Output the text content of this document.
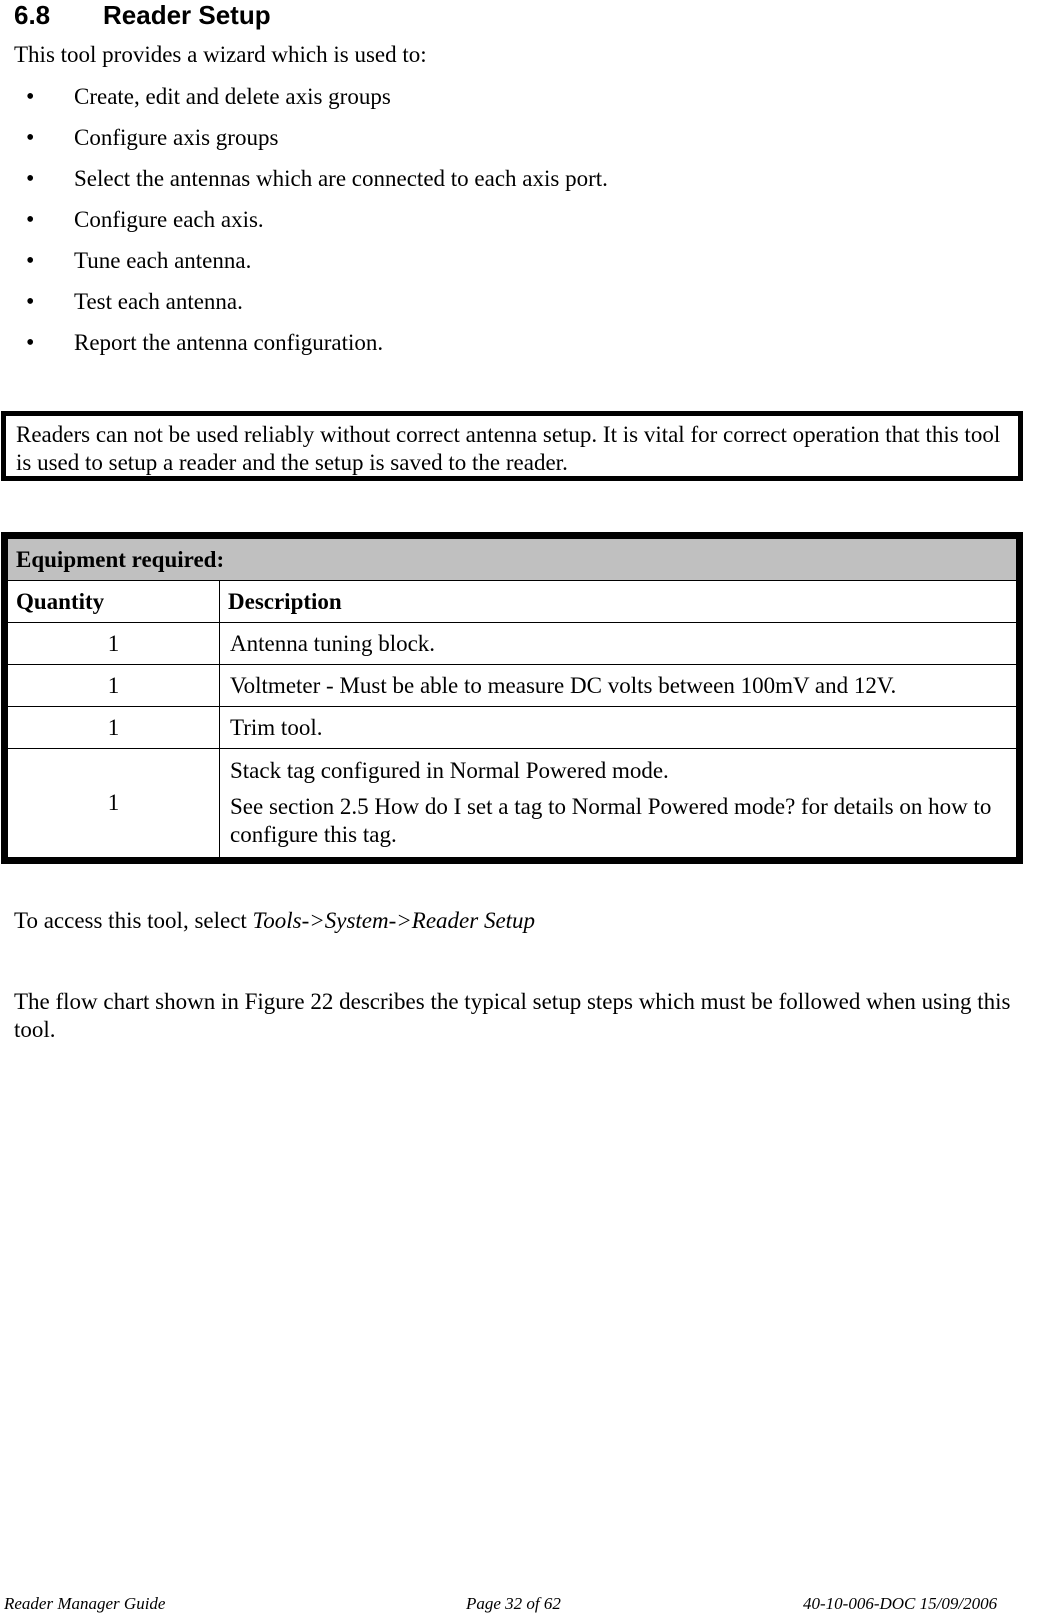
6.8 Reader Setup
This tool provides a wizard which is used to:
• Create, edit and delete axis groups
• Configure axis groups
• Select the antennas which are connected to each axis port.
• Configure each axis.
• Tune each antenna.
• Test each antenna.
• Report the antenna configuration.
Readers can not be used reliably without correct antenna setup. It is vital for correct operation that this tool is used to setup a reader and the setup is saved to the reader.
Equipment required:	
Quantity	Description
1	Antenna tuning block.
1	Voltmeter - Must be able to measure DC volts between 100mV and 12V.
1	Trim tool.
1	Stack tag configured in Normal Powered mode.

See section 2.5 How do I set a tag to Normal Powered mode? for details on how to configure this tag.

To access this tool, select Tools->System->Reader Setup
The flow chart shown in Figure 22 describes the typical setup steps which must be followed when using this tool.
Reader Manager Guide	Page 32 of 62	40-10-006-DOC 15/09/2006
